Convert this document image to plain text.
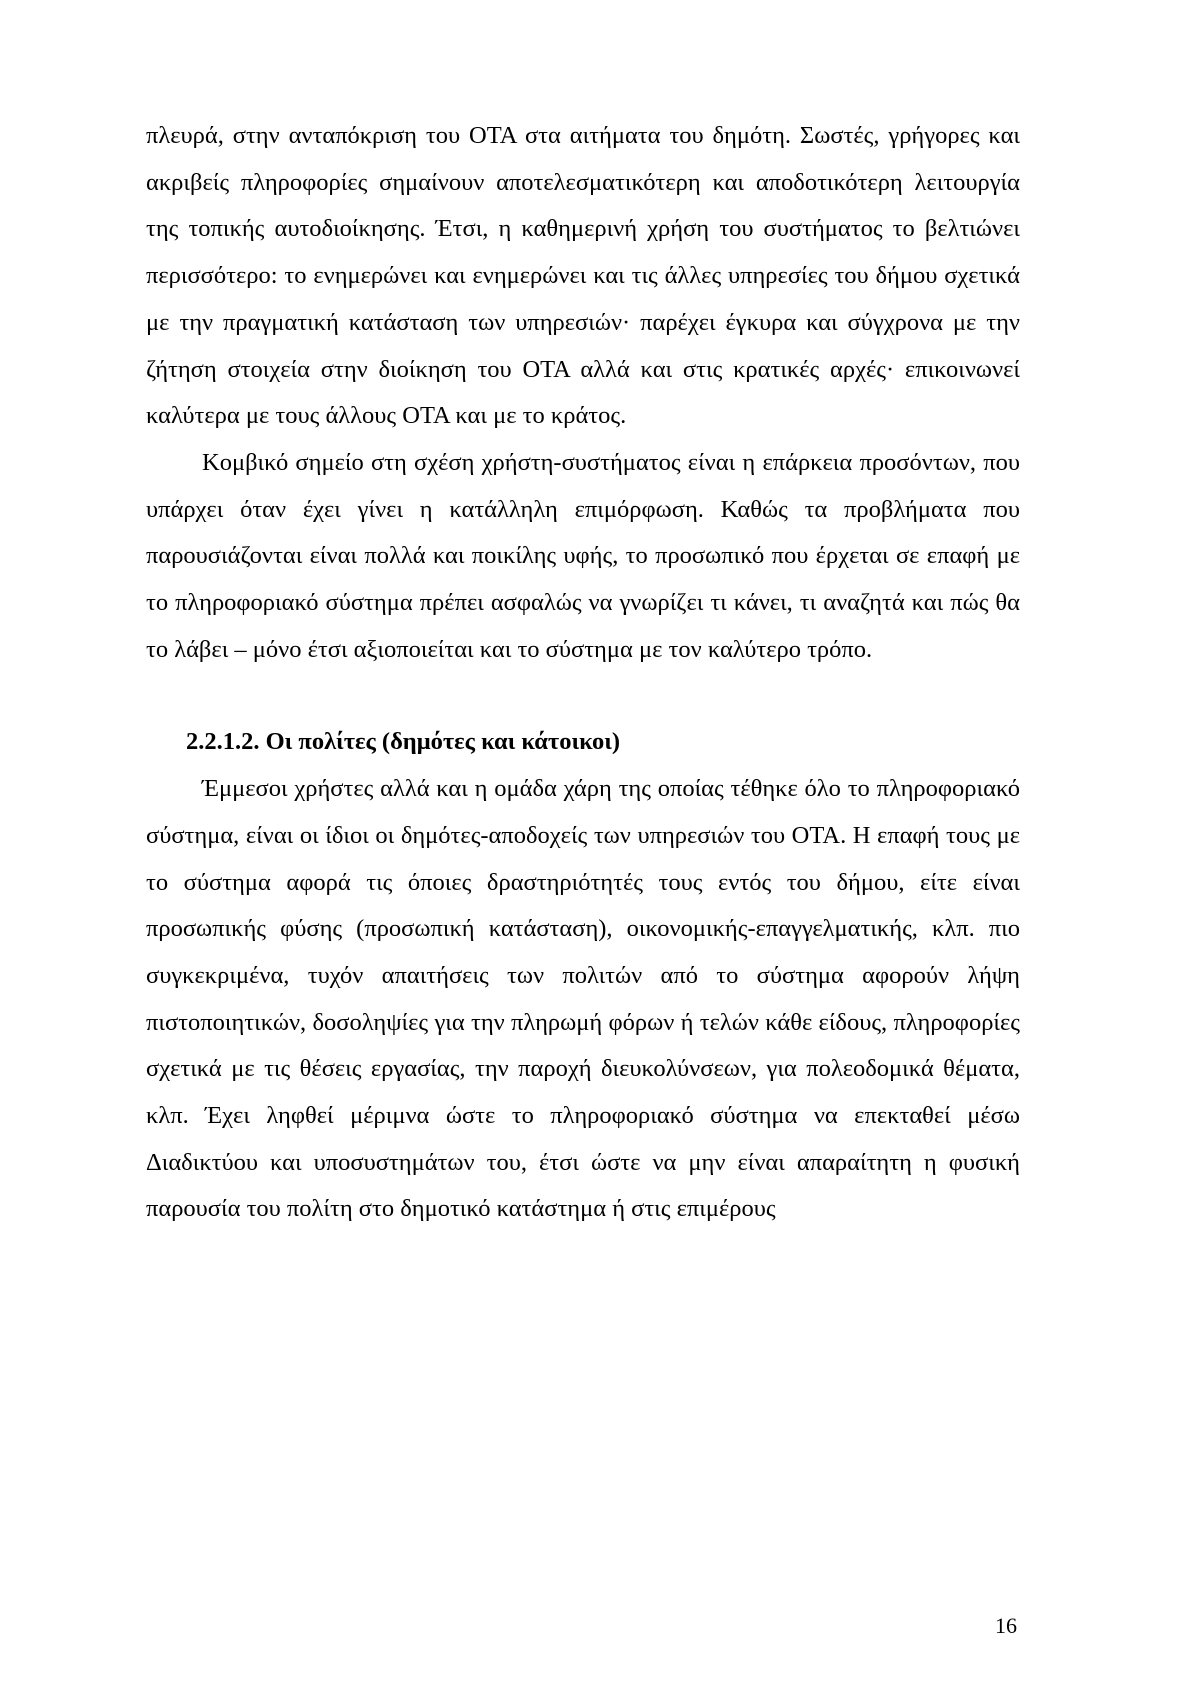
πλευρά, στην ανταπόκριση του ΟΤΑ στα αιτήματα του δημότη. Σωστές, γρήγορες και ακριβείς πληροφορίες σημαίνουν αποτελεσματικότερη και αποδοτικότερη λειτουργία της τοπικής αυτοδιοίκησης. Έτσι, η καθημερινή χρήση του συστήματος το βελτιώνει περισσότερο: το ενημερώνει και ενημερώνει και τις άλλες υπηρεσίες του δήμου σχετικά με την πραγματική κατάσταση των υπηρεσιών· παρέχει έγκυρα και σύγχρονα με την ζήτηση στοιχεία στην διοίκηση του ΟΤΑ αλλά και στις κρατικές αρχές· επικοινωνεί καλύτερα με τους άλλους ΟΤΑ και με το κράτος.

Κομβικό σημείο στη σχέση χρήστη-συστήματος είναι η επάρκεια προσόντων, που υπάρχει όταν έχει γίνει η κατάλληλη επιμόρφωση. Καθώς τα προβλήματα που παρουσιάζονται είναι πολλά και ποικίλης υφής, το προσωπικό που έρχεται σε επαφή με το πληροφοριακό σύστημα πρέπει ασφαλώς να γνωρίζει τι κάνει, τι αναζητά και πώς θα το λάβει – μόνο έτσι αξιοποιείται και το σύστημα με τον καλύτερο τρόπο.

2.2.1.2. Οι πολίτες (δημότες και κάτοικοι)

Έμμεσοι χρήστες αλλά και η ομάδα χάρη της οποίας τέθηκε όλο το πληροφοριακό σύστημα, είναι οι ίδιοι οι δημότες-αποδοχείς των υπηρεσιών του ΟΤΑ. Η επαφή τους με το σύστημα αφορά τις όποιες δραστηριότητές τους εντός του δήμου, είτε είναι προσωπικής φύσης (προσωπική κατάσταση), οικονομικής-επαγγελματικής, κλπ. πιο συγκεκριμένα, τυχόν απαιτήσεις των πολιτών από το σύστημα αφορούν λήψη πιστοποιητικών, δοσοληψίες για την πληρωμή φόρων ή τελών κάθε είδους, πληροφορίες σχετικά με τις θέσεις εργασίας, την παροχή διευκολύνσεων, για πολεοδομικά θέματα, κλπ. Έχει ληφθεί μέριμνα ώστε το πληροφοριακό σύστημα να επεκταθεί μέσω Διαδικτύου και υποσυστημάτων του, έτσι ώστε να μην είναι απαραίτητη η φυσική παρουσία του πολίτη στο δημοτικό κατάστημα ή στις επιμέρους

16
